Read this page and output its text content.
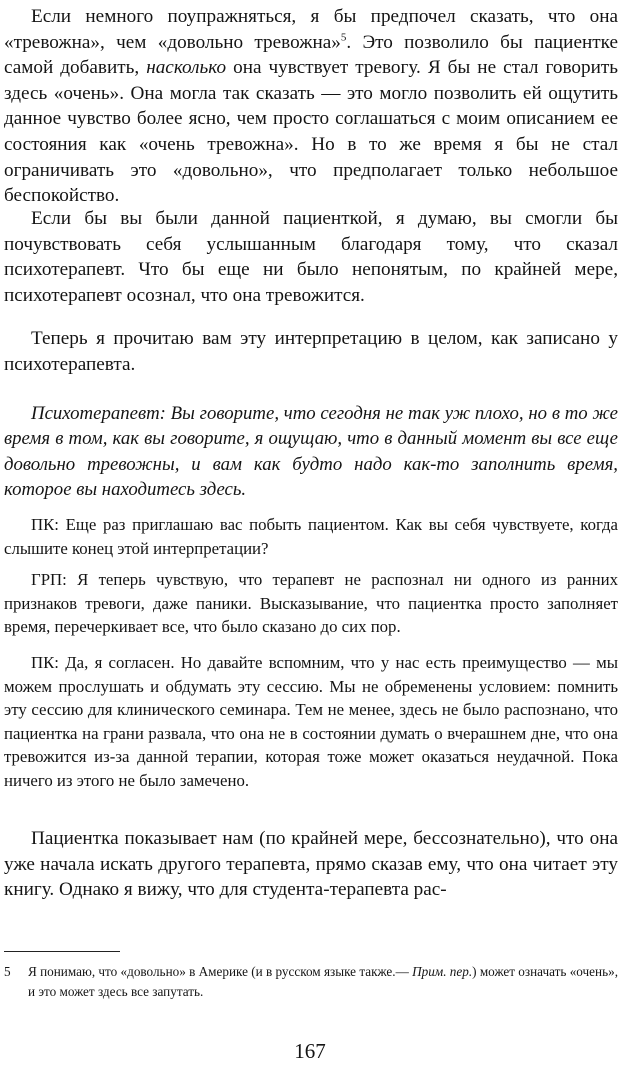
Если немного поупражняться, я бы предпочел сказать, что она «тревожна», чем «довольно тревожна»$^5$. Это позволило бы пациентке самой добавить, насколько она чувствует тревогу. Я бы не стал говорить здесь «очень». Она могла так сказать — это могло позволить ей ощутить данное чувство более ясно, чем просто соглашаться с моим описанием ее состояния как «очень тревожна». Но в то же время я бы не стал ограничивать это «довольно», что предполагает только небольшое беспокойство.

Если бы вы были данной пациенткой, я думаю, вы смогли бы почувствовать себя услышанным благодаря тому, что сказал психотерапевт. Что бы еще ни было непонятым, по крайней мере, психотерапевт осознал, что она тревожится.

Теперь я прочитаю вам эту интерпретацию в целом, как записано у психотерапевта.

Психотерапевт: Вы говорите, что сегодня не так уж плохо, но в то же время в том, как вы говорите, я ощущаю, что в данный момент вы все еще довольно тревожны, и вам как будто надо как-то заполнить время, которое вы находитесь здесь.

ПК: Еще раз приглашаю вас побыть пациентом. Как вы себя чувствуете, когда слышите конец этой интерпретации?

ГРП: Я теперь чувствую, что терапевт не распознал ни одного из ранних признаков тревоги, даже паники. Высказывание, что пациентка просто заполняет время, перечеркивает все, что было сказано до сих пор.

ПК: Да, я согласен. Но давайте вспомним, что у нас есть преимущество — мы можем прослушать и обдумать эту сессию. Мы не обременены условием: помнить эту сессию для клинического семинара. Тем не менее, здесь не было распознано, что пациентка на грани развала, что она не в состоянии думать о вчерашнем дне, что она тревожится из-за данной терапии, которая тоже может оказаться неудачной. Пока ничего из этого не было замечено.

Пациентка показывает нам (по крайней мере, бессознательно), что она уже начала искать другого терапевта, прямо сказав ему, что она читает эту книгу. Однако я вижу, что для студента-терапевта рас-

5	Я понимаю, что «довольно» в Америке (и в русском языке также.— Прим. пер.) может означать «очень», и это может здесь все запутать.

167
